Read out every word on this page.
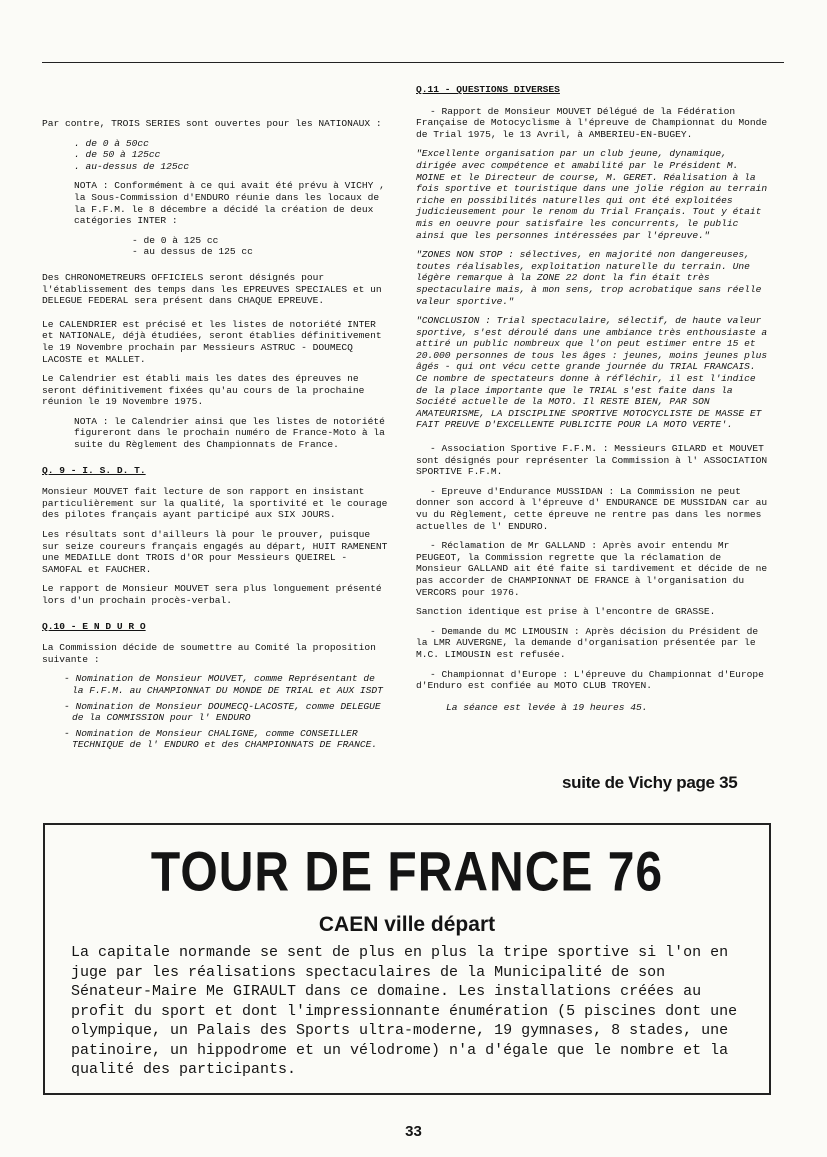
Par contre, TROIS SERIES sont ouvertes pour les NATIONAUX :

. de 0 à 50cc
. de 50 à 125cc
. au-dessus de 125cc

NOTA : Conformément à ce qui avait été prévu à VICHY , la Sous-Commission d'ENDURO réunie dans les locaux de la F.F.M. le 8 décembre a décidé la création de deux catégories INTER :

- de 0 à 125 cc
- au dessus de 125 cc

Des CHRONOMETREURS OFFICIELS seront désignés pour l'établissement des temps dans les EPREUVES SPECIALES et un DELEGUE FEDERAL sera présent dans CHAQUE EPREUVE.

Le CALENDRIER est précisé et les listes de notoriété INTER et NATIONALE, déjà étudiées, seront établies définitivement le 19 Novembre prochain par Messieurs ASTRUC - DOUMECQ LACOSTE et MALLET.

Le Calendrier est établi mais les dates des épreuves ne seront définitivement fixées qu'au cours de la prochaine réunion le 19 Novembre 1975.

NOTA : le Calendrier ainsi que les listes de notoriété figureront dans le prochain numéro de France-Moto à la suite du Règlement des Championnats de France.

Q. 9 - I. S. D. T.

Monsieur MOUVET fait lecture de son rapport en insistant particulièrement sur la qualité, la sportivité et le courage des pilotes français ayant participé aux SIX JOURS.

Les résultats sont d'ailleurs là pour le prouver, puisque sur seize coureurs français engagés au départ, HUIT RAMENENT une MEDAILLE dont TROIS d'OR pour Messieurs QUEIREL - SAMOFAL et FAUCHER.

Le rapport de Monsieur MOUVET sera plus longuement présenté lors d'un prochain procès-verbal.

Q.10 - E N D U R O

La Commission décide de soumettre au Comité la proposition suivante :

- Nomination de Monsieur MOUVET, comme Représentant de la F.F.M. au CHAMPIONNAT DU MONDE DE TRIAL et AUX ISDT

- Nomination de Monsieur DOUMECQ-LACOSTE, comme DELEGUE de la COMMISSION pour l' ENDURO

- Nomination de Monsieur CHALIGNE, comme CONSEILLER TECHNIQUE de l' ENDURO et des CHAMPIONNATS DE FRANCE.

Q.11 - QUESTIONS DIVERSES

- Rapport de Monsieur MOUVET Délégué de la Fédération Française de Motocyclisme à l'épreuve de Championnat du Monde de Trial 1975, le 13 Avril, à AMBERIEU-EN-BUGEY.

"Excellente organisation par un club jeune, dynamique, dirigée avec compétence et amabilité par le Président M. MOINE et le Directeur de course, M. GERET. Réalisation à la fois sportive et touristique dans une jolie région au terrain riche en possibilités naturelles qui ont été exploitées judicieusement pour le renom du Trial Français. Tout y était mis en oeuvre pour satisfaire les concurrents, le public ainsi que les personnes intéressées par l'épreuve."

"ZONES NON STOP : sélectives, en majorité non dangereuses, toutes réalisables, exploitation naturelle du terrain. Une légère remarque à la ZONE 22 dont la fin était très spectaculaire mais, à mon sens, trop acrobatique sans réelle valeur sportive."

"CONCLUSION : Trial spectaculaire, sélectif, de haute valeur sportive, s'est déroulé dans une ambiance très enthousiaste a attiré un public nombreux que l'on peut estimer entre 15 et 20.000 personnes de tous les âges : jeunes, moins jeunes plus âgés - qui ont vécu cette grande journée du TRIAL FRANCAIS. Ce nombre de spectateurs donne à réfléchir, il est l'indice de la place importante que le TRIAL s'est faite dans la Société actuelle de la MOTO. Il RESTE BIEN, PAR SON AMATEURISME, LA DISCIPLINE SPORTIVE MOTOCYCLISTE DE MASSE ET FAIT PREUVE D'EXCELLENTE PUBLICITE POUR LA MOTO VERTE'.

- Association Sportive F.F.M. : Messieurs GILARD et MOUVET sont désignés pour représenter la Commission à l' ASSOCIATION SPORTIVE F.F.M.

- Epreuve d'Endurance MUSSIDAN : La Commission ne peut donner son accord à l'épreuve d' ENDURANCE DE MUSSIDAN car au vu du Règlement, cette épreuve ne rentre pas dans les normes actuelles de l' ENDURO.

- Réclamation de Mr GALLAND : Après avoir entendu Mr PEUGEOT, la Commission regrette que la réclamation de Monsieur GALLAND ait été faite si tardivement et décide de ne pas accorder de CHAMPIONNAT DE FRANCE à l'organisation du VERCORS pour 1976.

Sanction identique est prise à l'encontre de GRASSE.

- Demande du MC LIMOUSIN : Après décision du Président de la LMR AUVERGNE, la demande d'organisation présentée par le M.C. LIMOUSIN est refusée.

- Championnat d'Europe : L'épreuve du Championnat d'Europe d'Enduro est confiée au MOTO CLUB TROYEN.

La séance est levée à 19 heures 45.

suite de Vichy page 35
TOUR DE FRANCE 76
CAEN ville départ
La capitale normande se sent de plus en plus la tripe sportive si l'on en juge par les réalisations spectaculaires de la Municipalité de son Sénateur-Maire Me GIRAULT dans ce domaine. Les installations créées au profit du sport et dont l'impressionnante énumération (5 piscines dont une olympique, un Palais des Sports ultra-moderne, 19 gymnases, 8 stades, une patinoire, un hippodrome et un vélodrome) n'a d'égale que le nombre et la qualité des participants.
33
